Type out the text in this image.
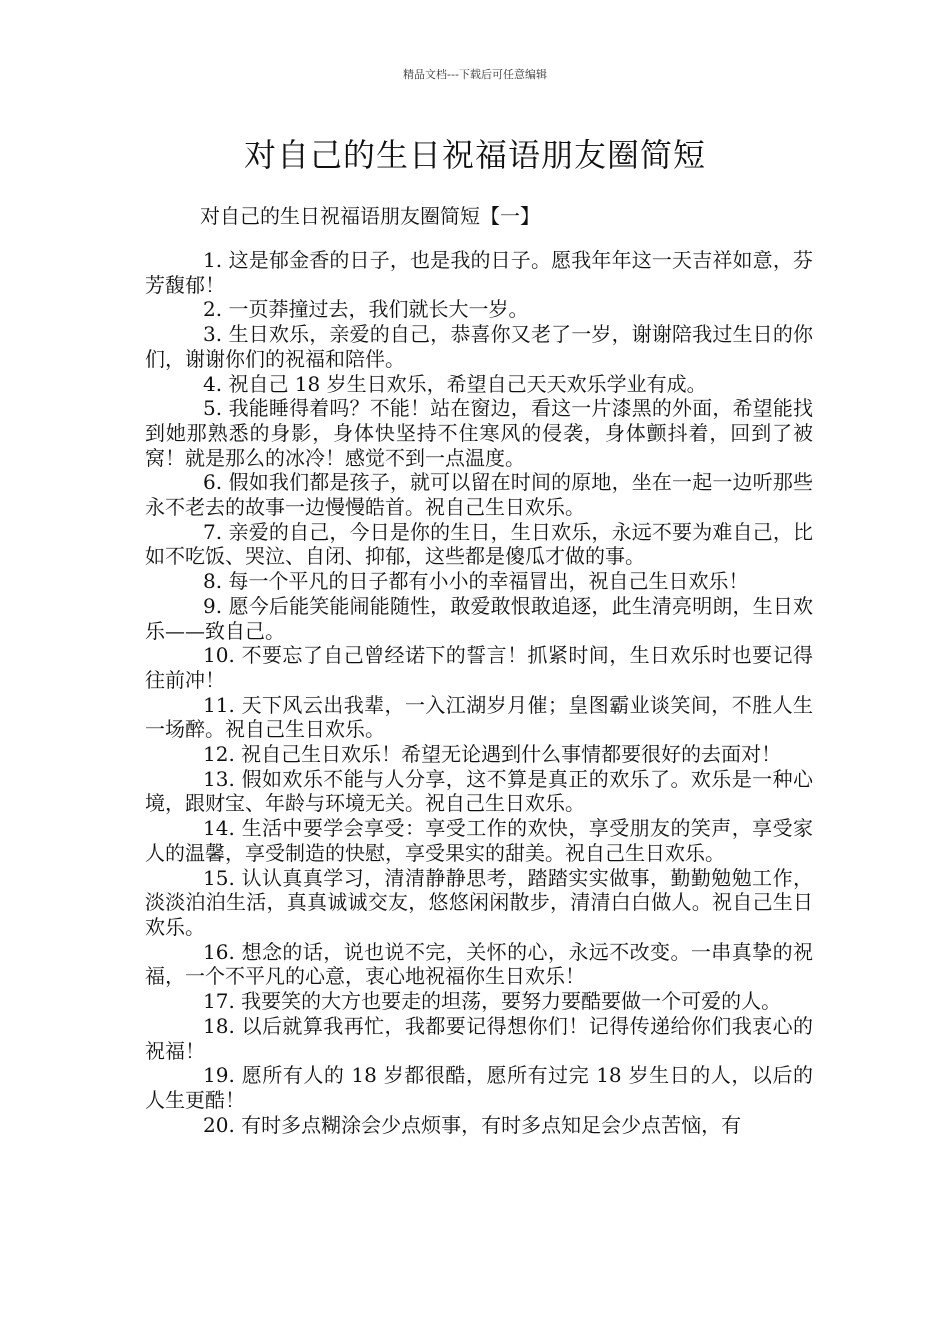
精品文档---下载后可任意编辑
对自己的生日祝福语朋友圈简短
对自己的生日祝福语朋友圈简短【一】
1. 这是郁金香的日子，也是我的日子。愿我年年这一天吉祥如意，芬芳馥郁！
2. 一页莽撞过去，我们就长大一岁。
3. 生日欢乐，亲爱的自己，恭喜你又老了一岁，谢谢陪我过生日的你们，谢谢你们的祝福和陪伴。
4. 祝自己 18 岁生日欢乐，希望自己天天欢乐学业有成。
5. 我能睡得着吗？不能！站在窗边，看这一片漆黑的外面，希望能找到她那熟悉的身影，身体快坚持不住寒风的侵袭，身体颤抖着，回到了被窝！就是那么的冰冷！感觉不到一点温度。
6. 假如我们都是孩子，就可以留在时间的原地，坐在一起一边听那些永不老去的故事一边慢慢皓首。祝自己生日欢乐。
7. 亲爱的自己，今日是你的生日，生日欢乐，永远不要为难自己，比如不吃饭、哭泣、自闭、抑郁，这些都是傻瓜才做的事。
8. 每一个平凡的日子都有小小的幸福冒出，祝自己生日欢乐！
9. 愿今后能笑能闹能随性，敢爱敢恨敢追逐，此生清亮明朗，生日欢乐——致自己。
10. 不要忘了自己曾经诺下的誓言！抓紧时间，生日欢乐时也要记得往前冲！
11. 天下风云出我辈，一入江湖岁月催；皇图霸业谈笑间，不胜人生一场醉。祝自己生日欢乐。
12. 祝自己生日欢乐！希望无论遇到什么事情都要很好的去面对！
13. 假如欢乐不能与人分享，这不算是真正的欢乐了。欢乐是一种心境，跟财宝、年龄与环境无关。祝自己生日欢乐。
14. 生活中要学会享受：享受工作的欢快，享受朋友的笑声，享受家人的温馨，享受制造的快慰，享受果实的甜美。祝自己生日欢乐。
15. 认认真真学习，清清静静思考，踏踏实实做事，勤勤勉勉工作，淡淡泊泊生活，真真诚诚交友，悠悠闲闲散步，清清白白做人。祝自己生日欢乐。
16. 想念的话，说也说不完，关怀的心，永远不改变。一串真挚的祝福，一个不平凡的心意，衷心地祝福你生日欢乐！
17. 我要笑的大方也要走的坦荡，要努力要酷要做一个可爱的人。
18. 以后就算我再忙，我都要记得想你们！记得传递给你们我衷心的祝福！
19. 愿所有人的 18 岁都很酷，愿所有过完 18 岁生日的人，以后的人生更酷！
20. 有时多点糊涂会少点烦事，有时多点知足会少点苦恼，有
